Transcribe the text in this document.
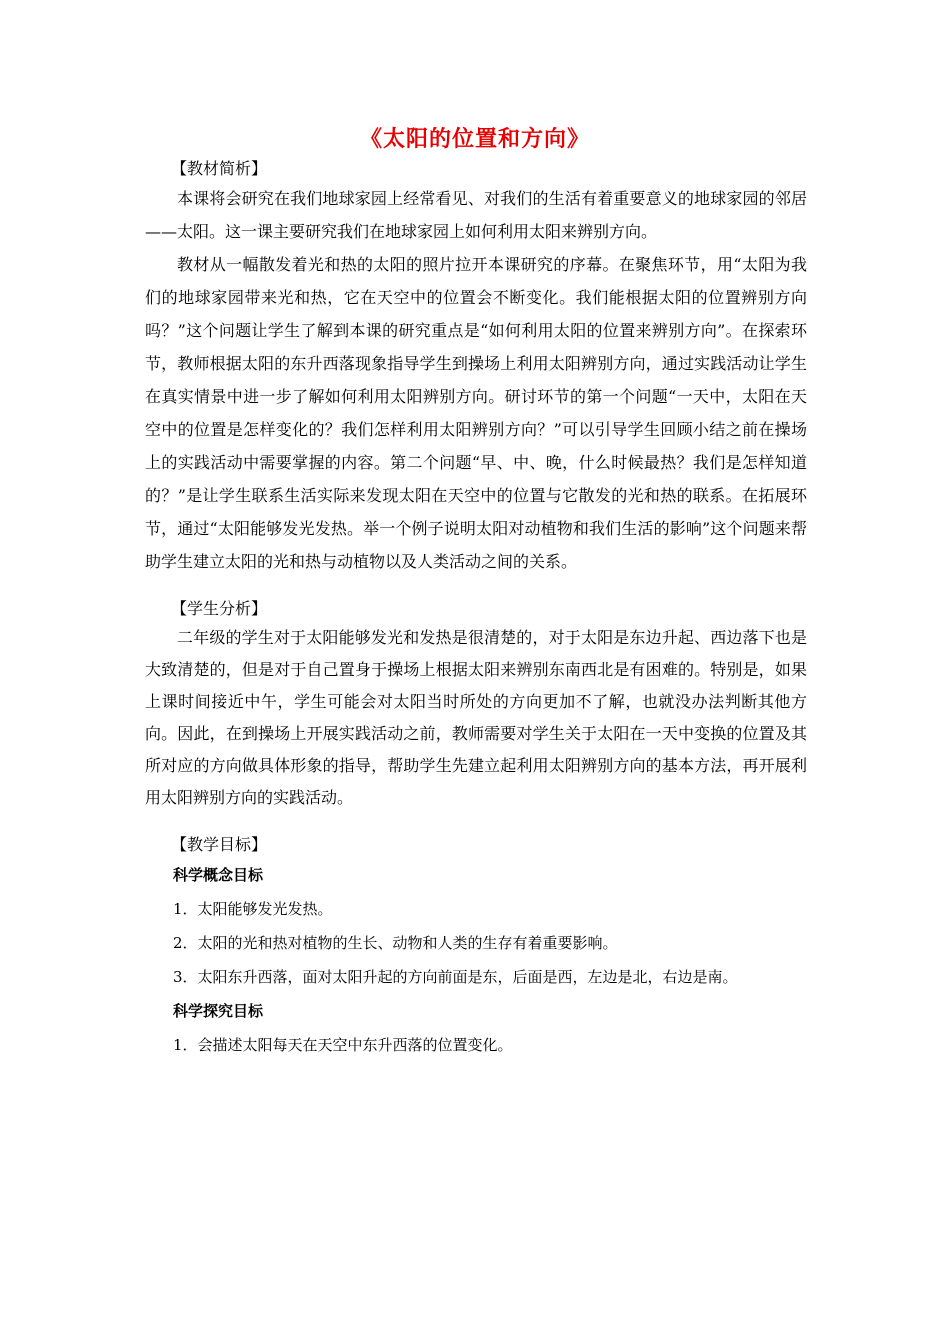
《太阳的位置和方向》
【教材简析】

本课将会研究在我们地球家园上经常看见、对我们的生活有着重要意义的地球家园的邻居——太阳。这一课主要研究我们在地球家园上如何利用太阳来辨别方向。

教材从一幅散发着光和热的太阳的照片拉开本课研究的序幕。在聚焦环节，用“太阳为我们的地球家园带来光和热，它在天空中的位置会不断变化。我们能根据太阳的位置辨别方向吗？”这个问题让学生了解到本课的研究重点是“如何利用太阳的位置来辨别方向”。在探索环节，教师根据太阳的东升西落现象指导学生到操场上利用太阳辨别方向，通过实践活动让学生在真实情景中进一步了解如何利用太阳辨别方向。研讨环节的第一个问题“一天中，太阳在天空中的位置是怎样变化的？我们怎样利用太阳辨别方向？”可以引导学生回顾小结之前在操场上的实践活动中需要掌握的内容。第二个问题“早、中、晚，什么时候最热？我们是怎样知道的？”是让学生联系生活实际来发现太阳在天空中的位置与它散发的光和热的联系。在拓展环节，通过“太阳能够发光发热。举一个例子说明太阳对动植物和我们生活的影响”这个问题来帮助学生建立太阳的光和热与动植物以及人类活动之间的关系。

【学生分析】

二年级的学生对于太阳能够发光和发热是很清楚的，对于太阳是东边升起、西边落下也是大致清楚的，但是对于自己置身于操场上根据太阳来辨别东南西北是有困难的。特别是，如果上课时间接近中午，学生可能会对太阳当时所处的方向更加不了解，也就没办法判断其他方向。因此，在到操场上开展实践活动之前，教师需要对学生关于太阳在一天中变换的位置及其所对应的方向做具体形象的指导，帮助学生先建立起利用太阳辨别方向的基本方法，再开展利用太阳辨别方向的实践活动。

【教学目标】
科学概念目标
1．太阳能够发光发热。
2．太阳的光和热对植物的生长、动物和人类的生存有着重要影响。
3．太阳东升西落，面对太阳升起的方向前面是东，后面是西，左边是北，右边是南。
科学探究目标
1．会描述太阳每天在天空中东升西落的位置变化。
